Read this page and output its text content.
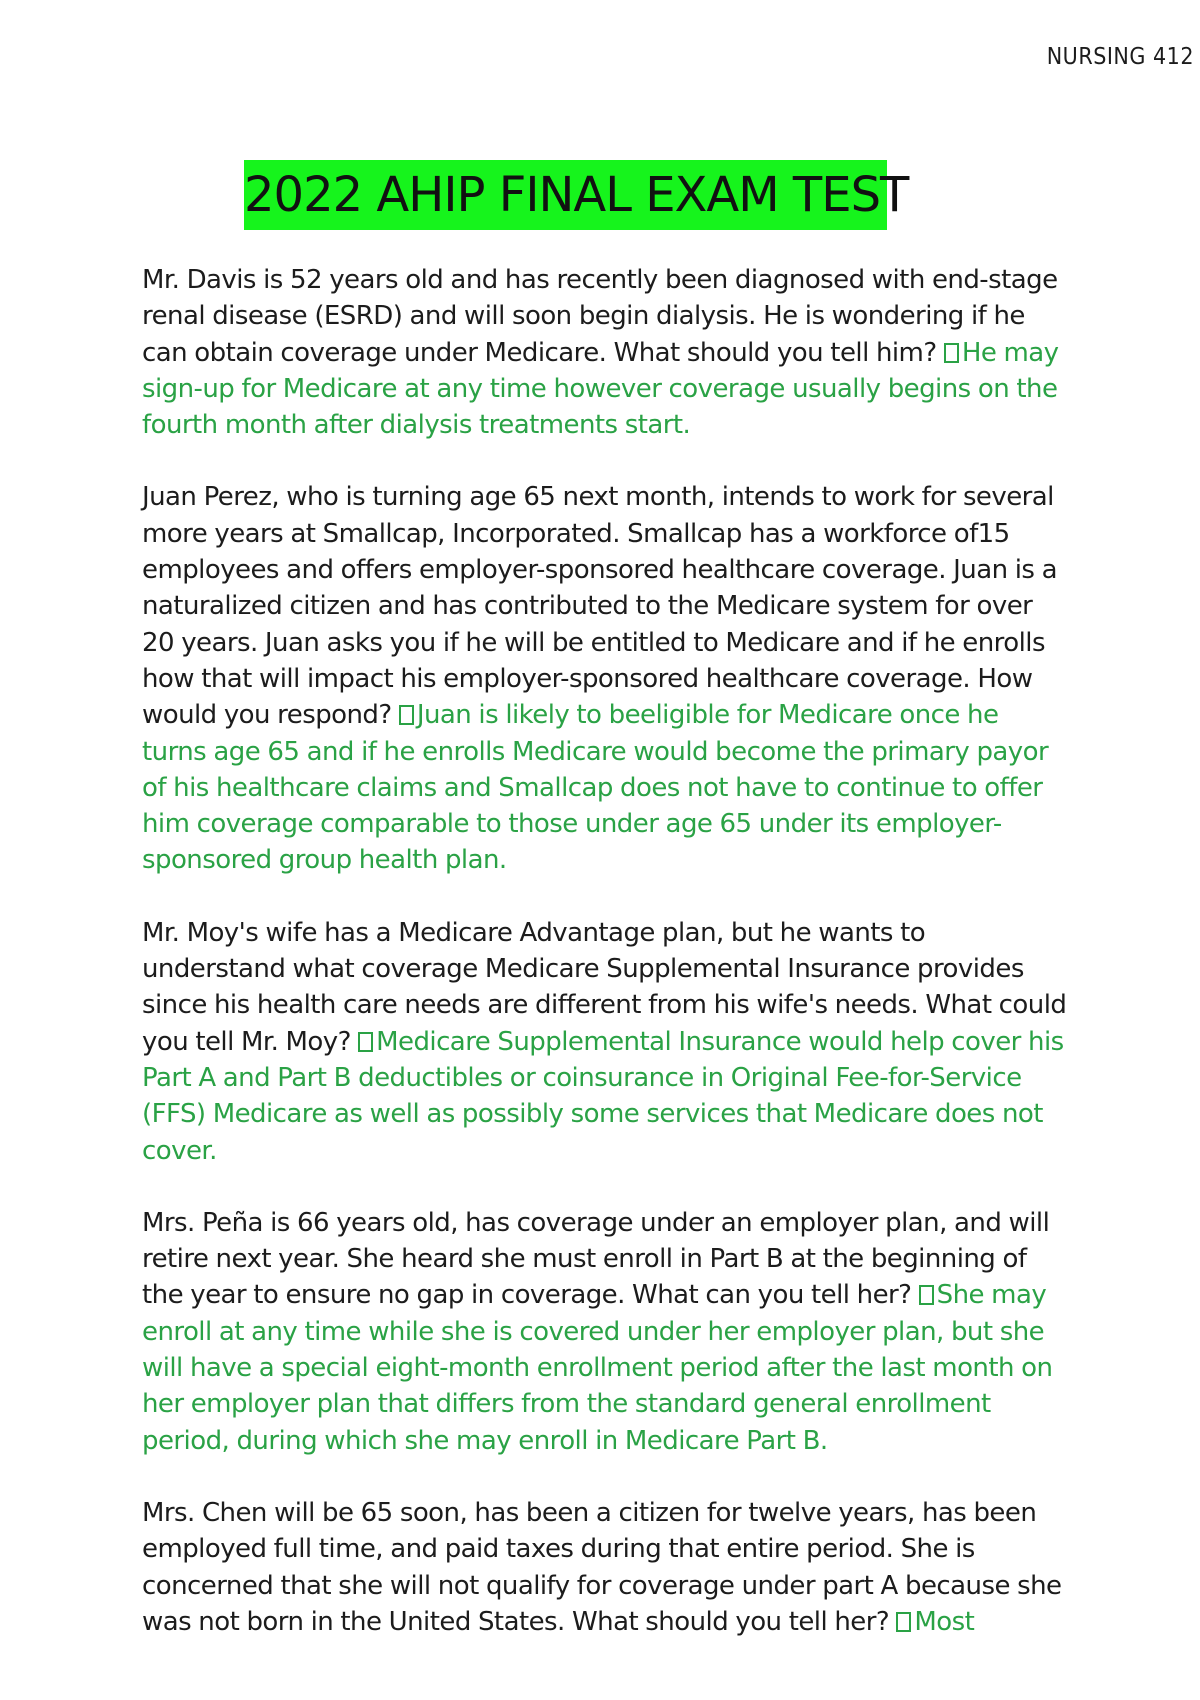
NURSING 412
2022 AHIP FINAL EXAM TEST

Mr. Davis is 52 years old and has recently been diagnosed with end-stage renal disease (ESRD) and will soon begin dialysis. He is wondering if he can obtain coverage under Medicare. What should you tell him? He may sign-up for Medicare at any time however coverage usually begins on the fourth month after dialysis treatments start.

Juan Perez, who is turning age 65 next month, intends to work for several more years at Smallcap, Incorporated. Smallcap has a workforce of15 employees and offers employer-sponsored healthcare coverage. Juan is a naturalized citizen and has contributed to the Medicare system for over 20 years. Juan asks you if he will be entitled to Medicare and if he enrolls how that will impact his employer-sponsored healthcare coverage. How would you respond? Juan is likely to beeligible for Medicare once he turns age 65 and if he enrolls Medicare would become the primary payor of his healthcare claims and Smallcap does not have to continue to offer him coverage comparable to those under age 65 under its employer-sponsored group health plan.

Mr. Moy's wife has a Medicare Advantage plan, but he wants to understand what coverage Medicare Supplemental Insurance provides since his health care needs are different from his wife's needs. What could you tell Mr. Moy? Medicare Supplemental Insurance would help cover his Part A and Part B deductibles or coinsurance in Original Fee-for-Service (FFS) Medicare as well as possibly some services that Medicare does not cover.

Mrs. Peña is 66 years old, has coverage under an employer plan, and will retire next year. She heard she must enroll in Part B at the beginning of the year to ensure no gap in coverage. What can you tell her? She may enroll at any time while she is covered under her employer plan, but she will have a special eight-month enrollment period after the last month on her employer plan that differs from the standard general enrollment period, during which she may enroll in Medicare Part B.

Mrs. Chen will be 65 soon, has been a citizen for twelve years, has been employed full time, and paid taxes during that entire period. She is concerned that she will not qualify for coverage under part A because she was not born in the United States. What should you tell her? Most
